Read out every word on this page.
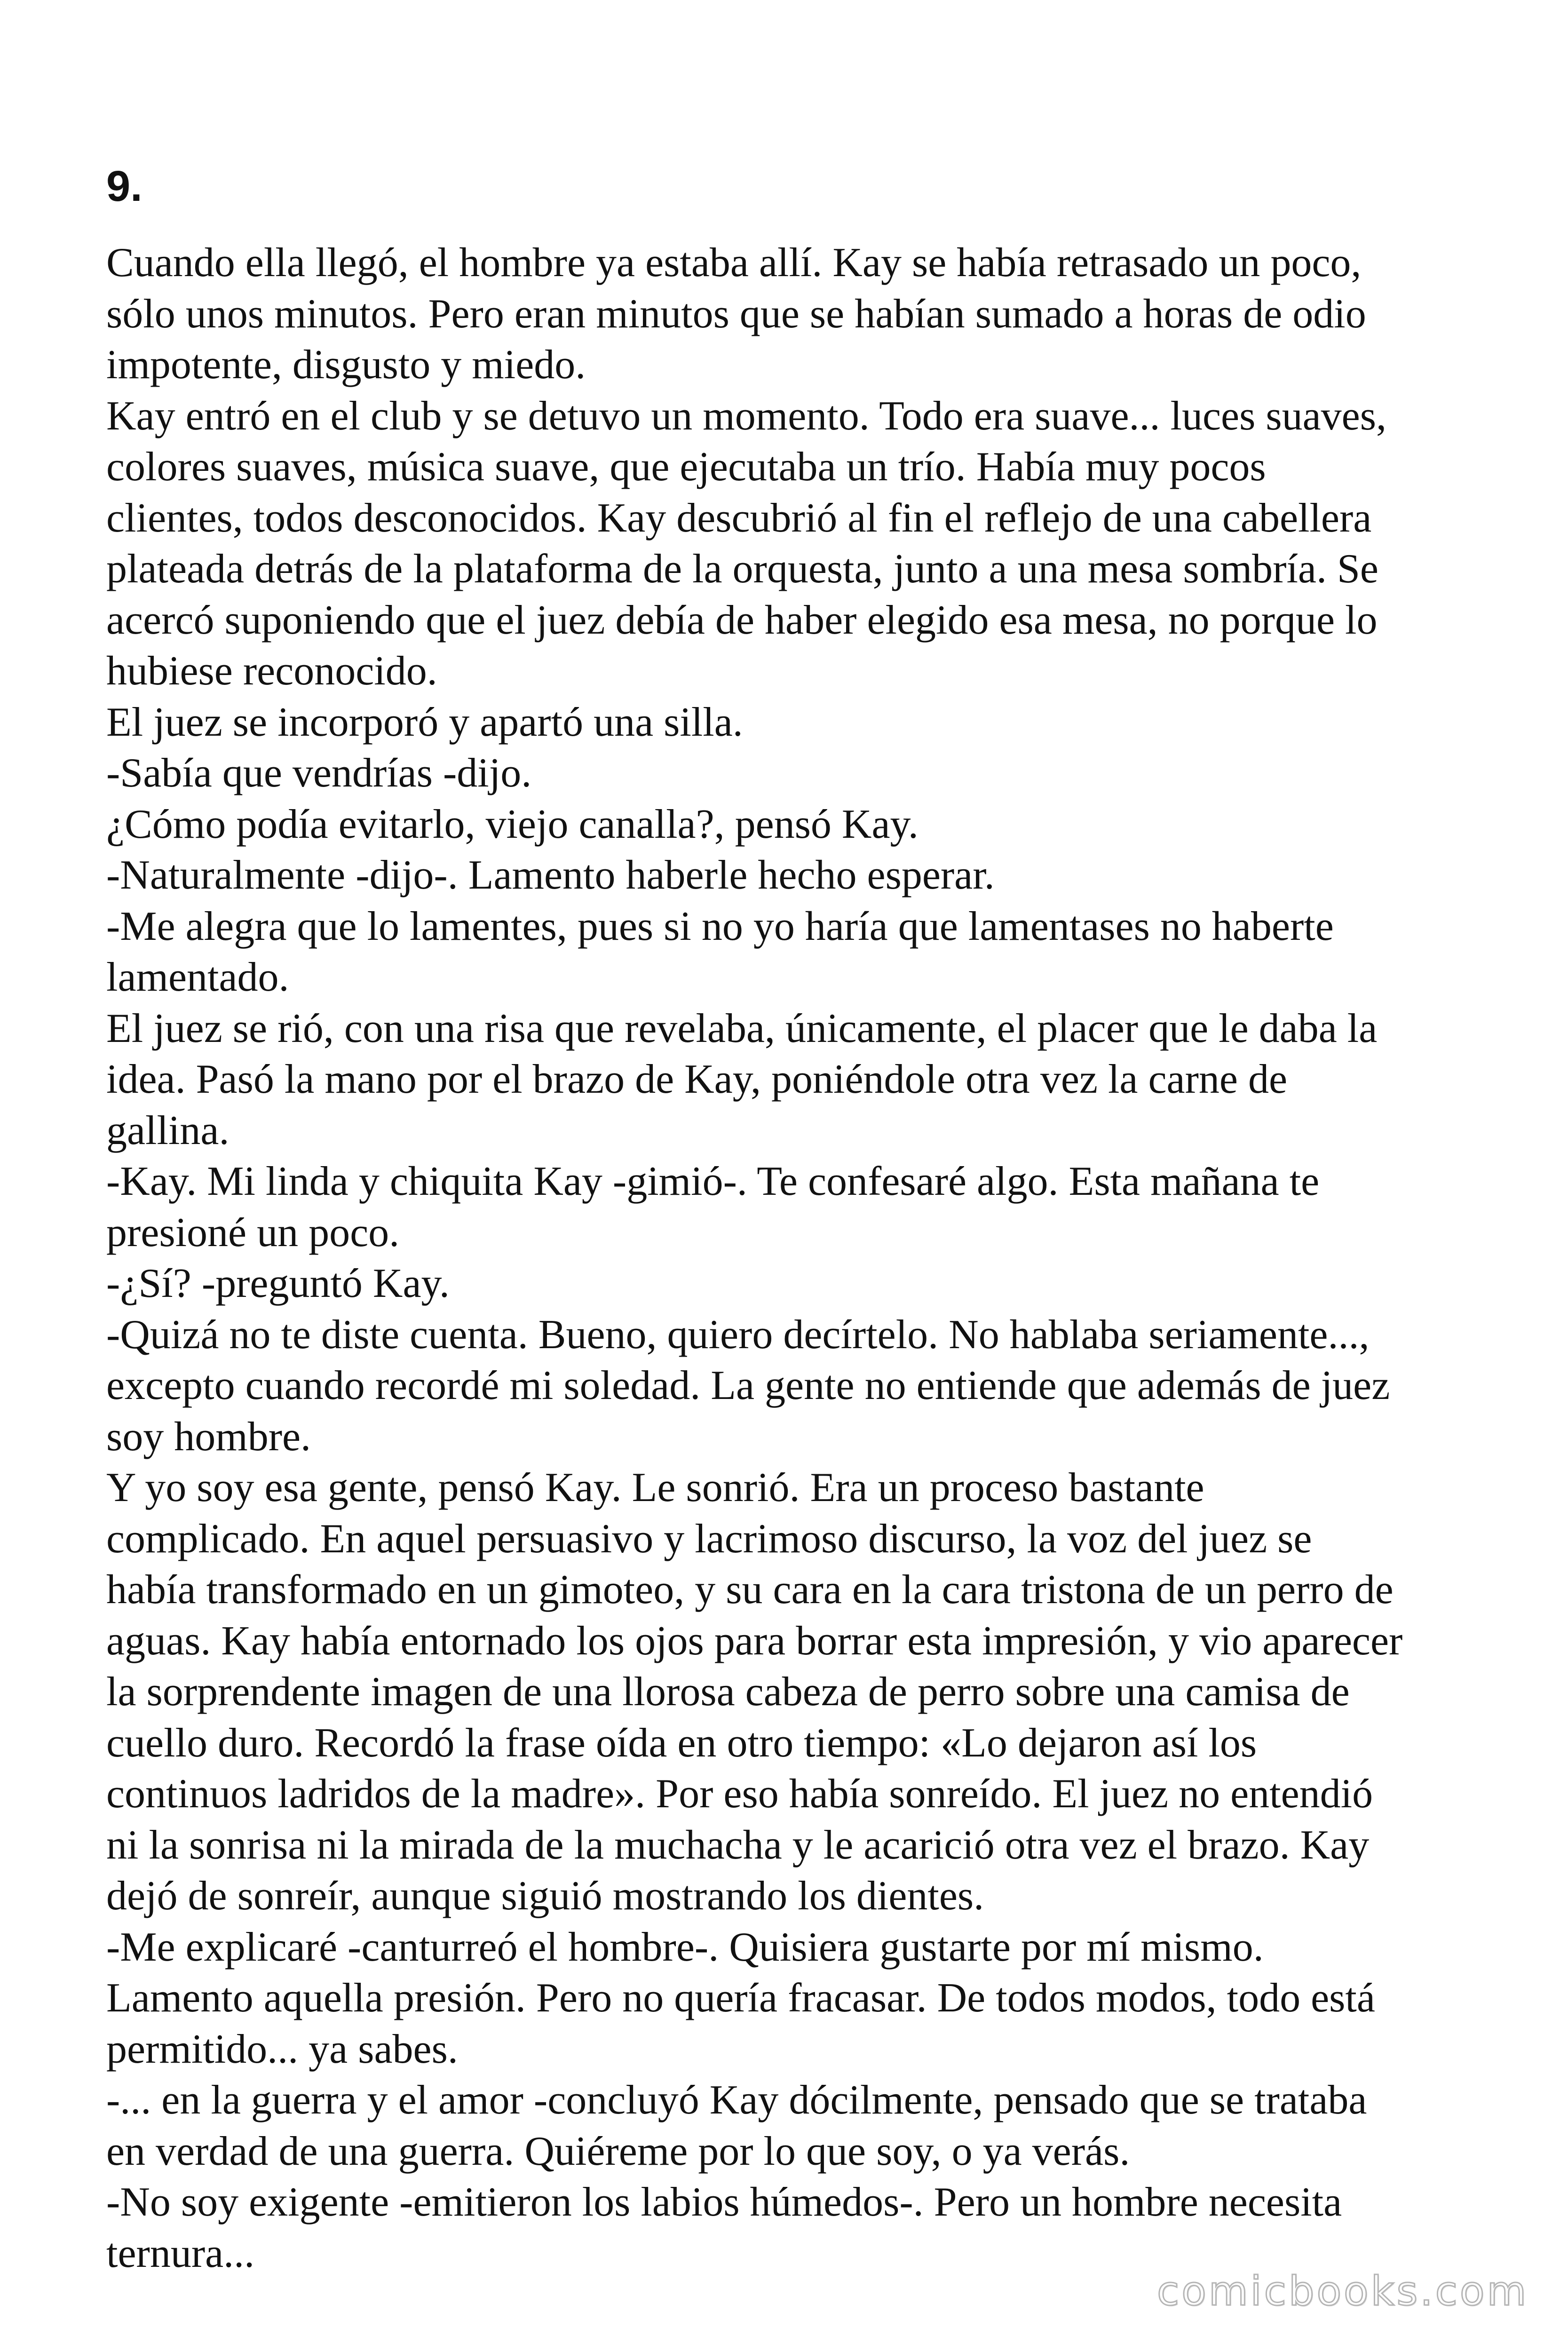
9.
Cuando ella llegó, el hombre ya estaba allí. Kay se había retrasado un poco,
sólo unos minutos. Pero eran minutos que se habían sumado a horas de odio
impotente, disgusto y miedo.
Kay entró en el club y se detuvo un momento. Todo era suave... luces suaves,
colores suaves, música suave, que ejecutaba un trío. Había muy pocos
clientes, todos desconocidos. Kay descubrió al fin el reflejo de una cabellera
plateada detrás de la plataforma de la orquesta, junto a una mesa sombría. Se
acercó suponiendo que el juez debía de haber elegido esa mesa, no porque lo
hubiese reconocido.
El juez se incorporó y apartó una silla.
-Sabía que vendrías -dijo.
¿Cómo podía evitarlo, viejo canalla?, pensó Kay.
-Naturalmente -dijo-. Lamento haberle hecho esperar.
-Me alegra que lo lamentes, pues si no yo haría que lamentases no haberte
lamentado.
El juez se rió, con una risa que revelaba, únicamente, el placer que le daba la
idea. Pasó la mano por el brazo de Kay, poniéndole otra vez la carne de
gallina.
-Kay. Mi linda y chiquita Kay -gimió-. Te confesaré algo. Esta mañana te
presioné un poco.
-¿Sí? -preguntó Kay.
-Quizá no te diste cuenta. Bueno, quiero decírtelo. No hablaba seriamente...,
excepto cuando recordé mi soledad. La gente no entiende que además de juez
soy hombre.
Y yo soy esa gente, pensó Kay. Le sonrió. Era un proceso bastante
complicado. En aquel persuasivo y lacrimoso discurso, la voz del juez se
había transformado en un gimoteo, y su cara en la cara tristona de un perro de
aguas. Kay había entornado los ojos para borrar esta impresión, y vio aparecer
la sorprendente imagen de una llorosa cabeza de perro sobre una camisa de
cuello duro. Recordó la frase oída en otro tiempo: «Lo dejaron así los
continuos ladridos de la madre». Por eso había sonreído. El juez no entendió
ni la sonrisa ni la mirada de la muchacha y le acarició otra vez el brazo. Kay
dejó de sonreír, aunque siguió mostrando los dientes.
-Me explicaré -canturreó el hombre-. Quisiera gustarte por mí mismo.
Lamento aquella presión. Pero no quería fracasar. De todos modos, todo está
permitido... ya sabes.
-... en la guerra y el amor -concluyó Kay dócilmente, pensado que se trataba
en verdad de una guerra. Quiéreme por lo que soy, o ya verás.
-No soy exigente -emitieron los labios húmedos-. Pero un hombre necesita
ternura...
comicbooks.com
